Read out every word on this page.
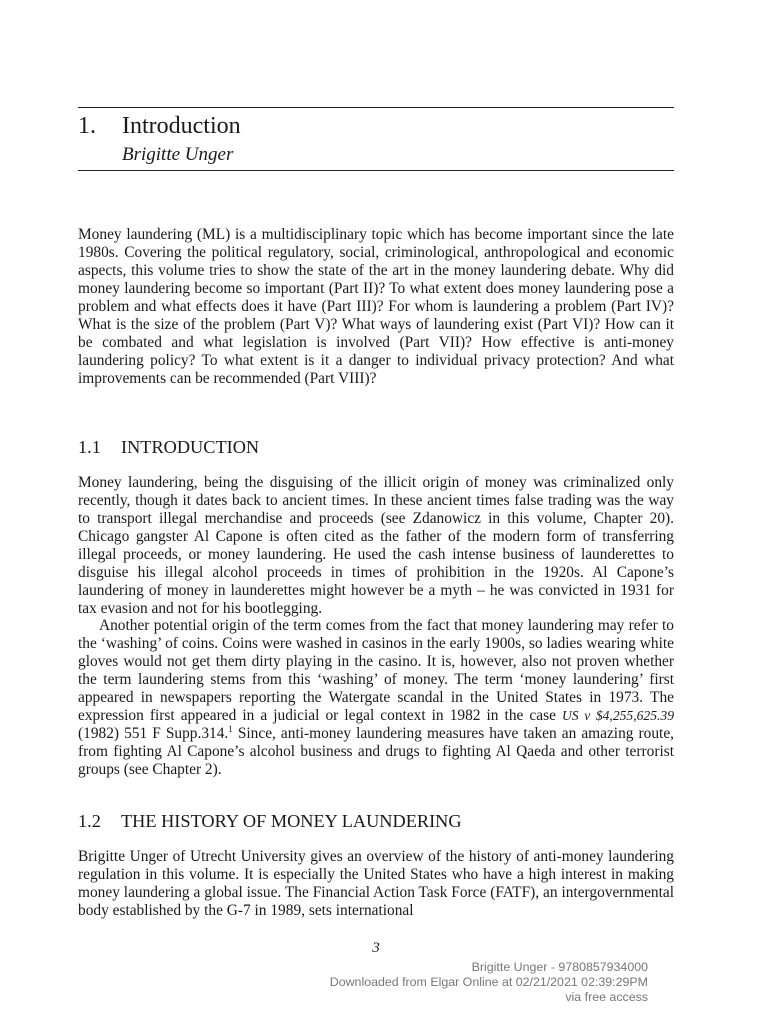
1. Introduction
Brigitte Unger

Money laundering (ML) is a multidisciplinary topic which has become important since the late 1980s. Covering the political regulatory, social, criminological, anthropological and economic aspects, this volume tries to show the state of the art in the money laundering debate. Why did money laundering become so important (Part II)? To what extent does money laundering pose a problem and what effects does it have (Part III)? For whom is laundering a problem (Part IV)? What is the size of the problem (Part V)? What ways of laundering exist (Part VI)? How can it be combated and what legislation is involved (Part VII)? How effective is anti-money laundering policy? To what extent is it a danger to individual privacy protection? And what improvements can be recommended (Part VIII)?

1.1 INTRODUCTION

Money laundering, being the disguising of the illicit origin of money was criminalized only recently, though it dates back to ancient times. In these ancient times false trading was the way to transport illegal merchandise and proceeds (see Zdanowicz in this volume, Chapter 20). Chicago gangster Al Capone is often cited as the father of the modern form of transferring illegal proceeds, or money laundering. He used the cash intense business of launderettes to disguise his illegal alcohol proceeds in times of prohibition in the 1920s. Al Capone’s laundering of money in launderettes might however be a myth – he was convicted in 1931 for tax evasion and not for his bootlegging.

Another potential origin of the term comes from the fact that money laundering may refer to the ‘washing’ of coins. Coins were washed in casinos in the early 1900s, so ladies wearing white gloves would not get them dirty playing in the casino. It is, however, also not proven whether the term laundering stems from this ‘washing’ of money. The term ‘money laundering’ first appeared in newspapers reporting the Watergate scandal in the United States in 1973. The expression first appeared in a judicial or legal context in 1982 in the case US v $4,255,625.39 (1982) 551 F Supp.314.$^1$ Since, anti-money laundering measures have taken an amazing route, from fighting Al Capone’s alcohol business and drugs to fighting Al Qaeda and other terrorist groups (see Chapter 2).

1.2 THE HISTORY OF MONEY LAUNDERING

Brigitte Unger of Utrecht University gives an overview of the history of anti-money laundering regulation in this volume. It is especially the United States who have a high interest in making money laundering a global issue. The Financial Action Task Force (FATF), an intergovernmental body established by the G-7 in 1989, sets international

3
Brigitte Unger - 9780857934000
Downloaded from Elgar Online at 02/21/2021 02:39:29PM
via free access
